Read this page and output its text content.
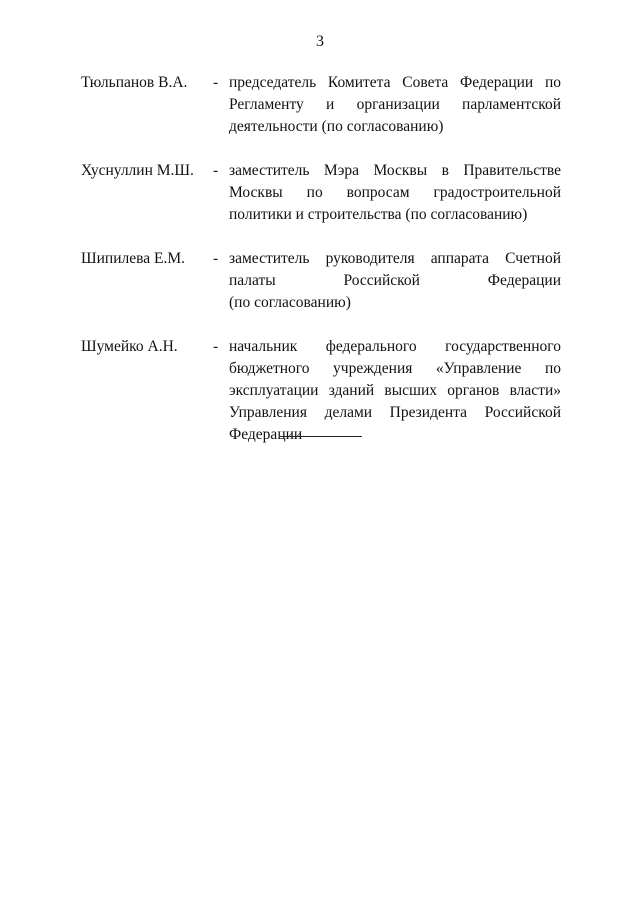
3
Тюльпанов В.А.	- председатель Комитета Совета Федерации по
Регламенту и организации парламентской
деятельности (по согласованию)
Хуснуллин М.Ш.	- заместитель Мэра Москвы в Правительстве
Москвы по вопросам градостроительной
политики и строительства (по согласованию)
Шипилева Е.М.	- заместитель руководителя аппарата Счетной
палаты Российской Федерации
(по согласованию)
Шумейко А.Н.	- начальник федерального государственного
бюджетного учреждения «Управление по
эксплуатации зданий высших органов власти»
Управления делами Президента Российской
Федерации
